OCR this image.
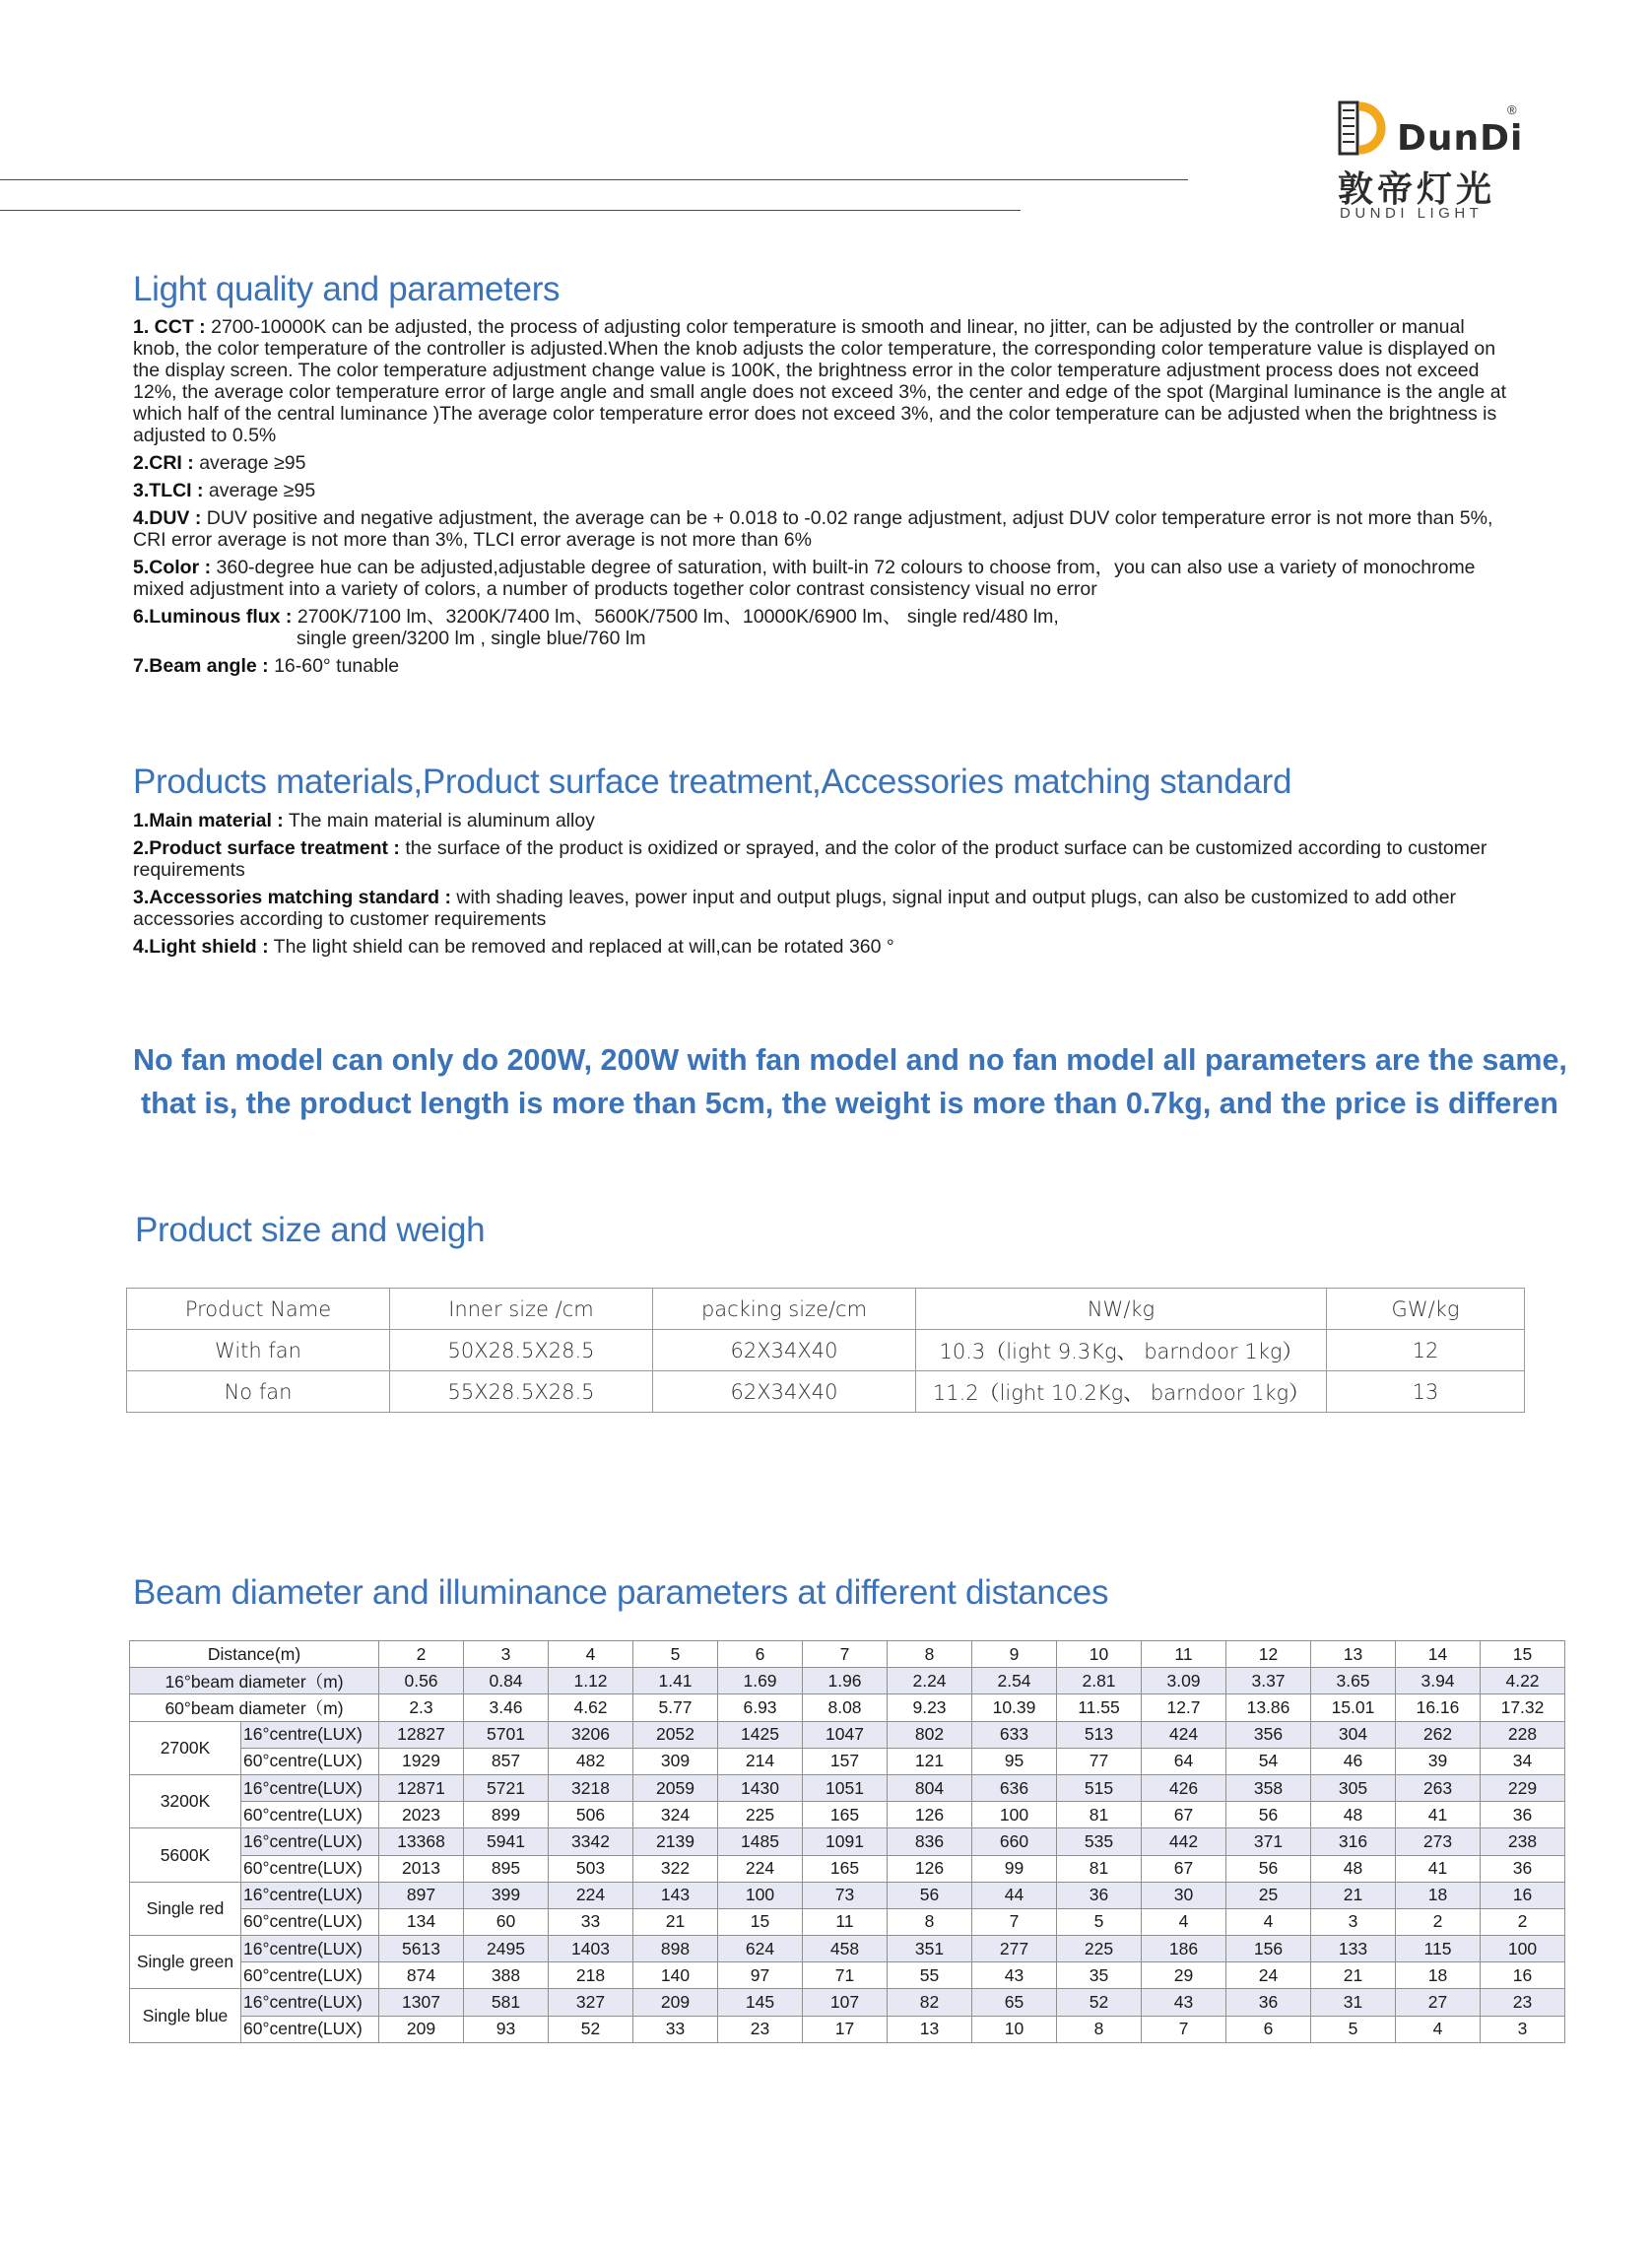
DunDi
®
敦帝灯光
DUNDI LIGHT
Light quality and parameters

1. CCT : 2700-10000K can be adjusted, the process of adjusting color temperature is smooth and linear, no jitter, can be adjusted by the controller or manual knob, the color temperature of the controller is adjusted.When the knob adjusts the color temperature, the corresponding color temperature value is displayed on the display screen. The color temperature adjustment change value is 100K, the brightness error in the color temperature adjustment process does not exceed 12%, the average color temperature error of large angle and small angle does not exceed 3%, the center and edge of the spot (Marginal luminance is the angle at which half of the central luminance )The average color temperature error does not exceed 3%, and the color temperature can be adjusted when the brightness is adjusted to 0.5%

2.CRI : average ≥95

3.TLCI : average ≥95

4.DUV : DUV positive and negative adjustment, the average can be + 0.018 to -0.02 range adjustment, adjust DUV color temperature error is not more than 5%, CRI error average is not more than 3%, TLCI error average is not more than 6%

5.Color : 360-degree hue can be adjusted,adjustable degree of saturation, with built-in 72 colours to choose from，you can also use a variety of monochrome mixed adjustment into a variety of colors, a number of products together color contrast consistency visual no error

6.Luminous flux : 2700K/7100 lm、3200K/7400 lm、5600K/7500 lm、10000K/6900 lm、 single red/480 lm,
single green/3200 lm , single blue/760 lm

7.Beam angle : 16-60° tunable

Products materials,Product surface treatment,Accessories matching standard

1.Main material : The main material is aluminum alloy

2.Product surface treatment : the surface of the product is oxidized or sprayed, and the color of the product surface can be customized according to customer requirements

3.Accessories matching standard : with shading leaves, power input and output plugs, signal input and output plugs, can also be customized to add other accessories according to customer requirements

4.Light shield : The light shield can be removed and replaced at will,can be rotated 360 °

No fan model can only do 200W, 200W with fan model and no fan model all parameters are the same,
that is, the product length is more than 5cm, the weight is more than 0.7kg, and the price is differen
Product size and weigh
Product Name	Inner size /cm	packing size/cm	NW/kg	GW/kg
With fan	50X28.5X28.5	62X34X40	10.3（light 9.3Kg、 barndoor 1kg）	12
No fan	55X28.5X28.5	62X34X40	11.2（light 10.2Kg、 barndoor 1kg）	13
Beam diameter and illuminance parameters at different distances
Distance(m)		2	3	4	5	6	7	8	9	10	11	12	13	14	15
16°beam diameter（m)		0.56	0.84	1.12	1.41	1.69	1.96	2.24	2.54	2.81	3.09	3.37	3.65	3.94	4.22
60°beam diameter（m)		2.3	3.46	4.62	5.77	6.93	8.08	9.23	10.39	11.55	12.7	13.86	15.01	16.16	17.32
2700K	16°centre(LUX)	12827	5701	3206	2052	1425	1047	802	633	513	424	356	304	262	228
	60°centre(LUX)	1929	857	482	309	214	157	121	95	77	64	54	46	39	34
3200K	16°centre(LUX)	12871	5721	3218	2059	1430	1051	804	636	515	426	358	305	263	229
	60°centre(LUX)	2023	899	506	324	225	165	126	100	81	67	56	48	41	36
5600K	16°centre(LUX)	13368	5941	3342	2139	1485	1091	836	660	535	442	371	316	273	238
	60°centre(LUX)	2013	895	503	322	224	165	126	99	81	67	56	48	41	36
Single red	16°centre(LUX)	897	399	224	143	100	73	56	44	36	30	25	21	18	16
	60°centre(LUX)	134	60	33	21	15	11	8	7	5	4	4	3	2	2
Single green	16°centre(LUX)	5613	2495	1403	898	624	458	351	277	225	186	156	133	115	100
	60°centre(LUX)	874	388	218	140	97	71	55	43	35	29	24	21	18	16
Single blue	16°centre(LUX)	1307	581	327	209	145	107	82	65	52	43	36	31	27	23
	60°centre(LUX)	209	93	52	33	23	17	13	10	8	7	6	5	4	3
